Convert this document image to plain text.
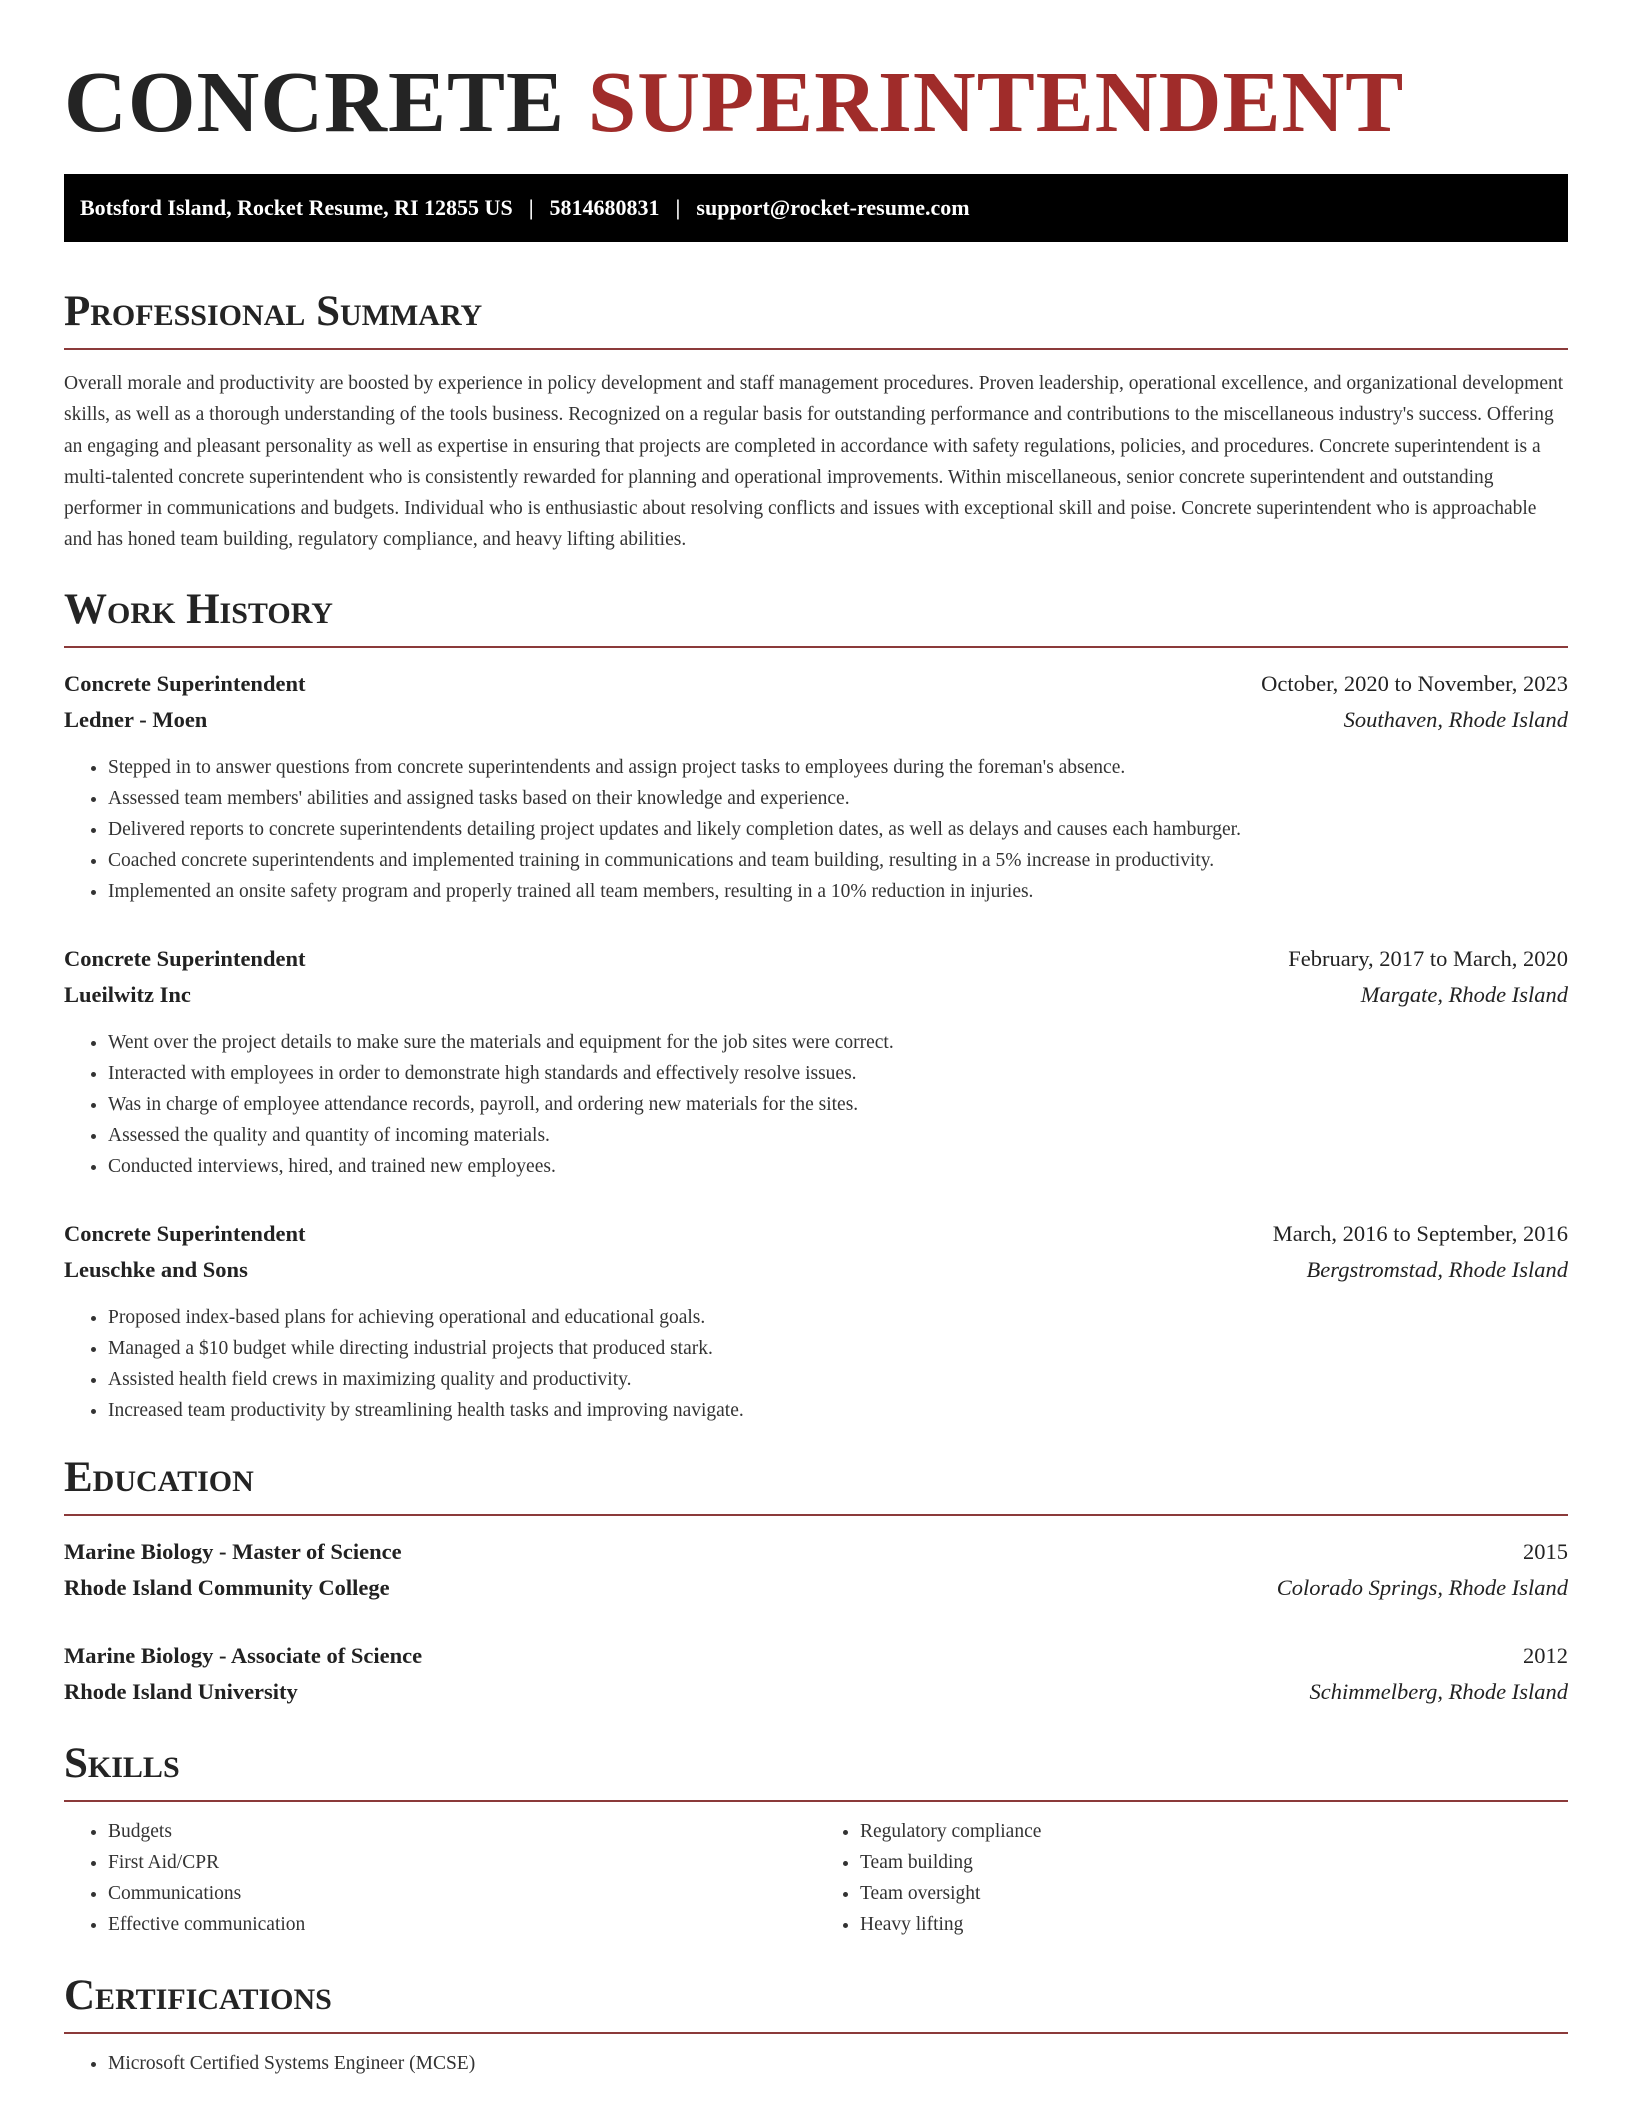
CONCRETE SUPERINTENDENT
Botsford Island, Rocket Resume, RI 12855 US | 5814680831 | support@rocket-resume.com
Professional Summary

Overall morale and productivity are boosted by experience in policy development and staff management procedures. Proven leadership, operational excellence, and organizational development skills, as well as a thorough understanding of the tools business. Recognized on a regular basis for outstanding performance and contributions to the miscellaneous industry's success. Offering an engaging and pleasant personality as well as expertise in ensuring that projects are completed in accordance with safety regulations, policies, and procedures. Concrete superintendent is a multi-talented concrete superintendent who is consistently rewarded for planning and operational improvements. Within miscellaneous, senior concrete superintendent and outstanding performer in communications and budgets. Individual who is enthusiastic about resolving conflicts and issues with exceptional skill and poise. Concrete superintendent who is approachable and has honed team building, regulatory compliance, and heavy lifting abilities.

Work History
Concrete Superintendent	October, 2020 to November, 2023
Ledner - Moen	Southaven, Rhode Island
• Stepped in to answer questions from concrete superintendents and assign project tasks to employees during the foreman's absence.
• Assessed team members' abilities and assigned tasks based on their knowledge and experience.
• Delivered reports to concrete superintendents detailing project updates and likely completion dates, as well as delays and causes each hamburger.
• Coached concrete superintendents and implemented training in communications and team building, resulting in a 5% increase in productivity.
• Implemented an onsite safety program and properly trained all team members, resulting in a 10% reduction in injuries.
Concrete Superintendent	February, 2017 to March, 2020
Lueilwitz Inc	Margate, Rhode Island
• Went over the project details to make sure the materials and equipment for the job sites were correct.
• Interacted with employees in order to demonstrate high standards and effectively resolve issues.
• Was in charge of employee attendance records, payroll, and ordering new materials for the sites.
• Assessed the quality and quantity of incoming materials.
• Conducted interviews, hired, and trained new employees.
Concrete Superintendent	March, 2016 to September, 2016
Leuschke and Sons	Bergstromstad, Rhode Island
• Proposed index-based plans for achieving operational and educational goals.
• Managed a $10 budget while directing industrial projects that produced stark.
• Assisted health field crews in maximizing quality and productivity.
• Increased team productivity by streamlining health tasks and improving navigate.
Education
Marine Biology - Master of Science	2015
Rhode Island Community College	Colorado Springs, Rhode Island
Marine Biology - Associate of Science	2012
Rhode Island University	Schimmelberg, Rhode Island
Skills
• Budgets
• First Aid/CPR
• Communications
• Effective communication
• Regulatory compliance
• Team building
• Team oversight
• Heavy lifting
Certifications
• Microsoft Certified Systems Engineer (MCSE)
